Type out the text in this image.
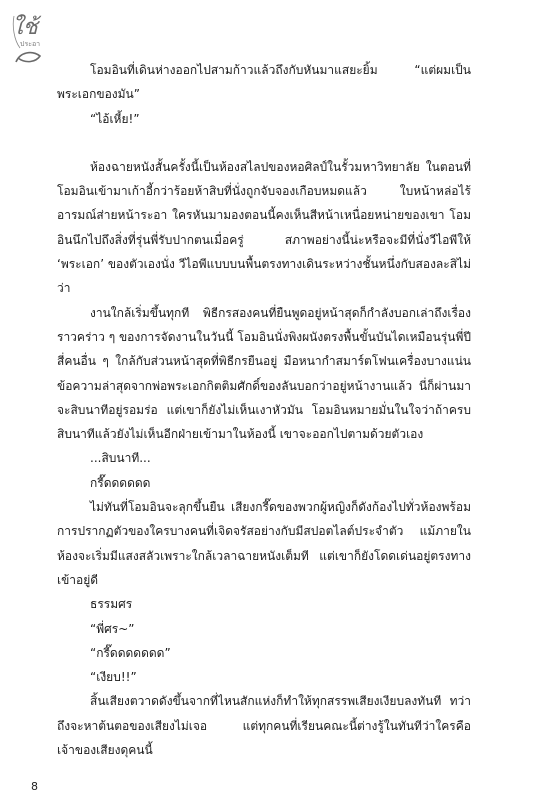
ใช้
ประอา

โอมอินที่เดินห่างออกไปสามก้าวแล้วถึงกับหันมาแสยะยิ้ม “แต่ผมเป็นพระเอกของมัน”

“ไอ้เหี้ย!”

ห้องฉายหนังสั้นครั้งนี้เป็นห้องสไลปของหอศิลป์ในรั้วมหาวิทยาลัย ในตอนที่โอมอินเข้ามาเก้าอี้กว่าร้อยห้าสิบที่นั่งถูกจับจองเกือบหมดแล้ว ใบหน้าหล่อไร้อารมณ์ส่ายหน้าระอา ใครหันมามองตอนนี้คงเห็นสีหน้าเหนื่อยหน่ายของเขา โอมอินนึกไปถึงสิ่งที่รุ่นพี่รับปากตนเมื่อครู่ สภาพอย่างนี้น่ะหรือจะมีที่นั่งวีไอพีให้ ‘พระเอก’ ของตัวเองนั่ง วีไอพีแบบบนพื้นตรงทางเดินระหว่างชั้นหนึ่งกับสองละสิไม่ว่า

งานใกล้เริ่มขึ้นทุกที พิธีกรสองคนที่ยืนพูดอยู่หน้าสุดก็กำลังบอกเล่าถึงเรื่องราวคร่าว ๆ ของการจัดงานในวันนี้ โอมอินนั่งพิงผนังตรงพื้นขั้นบันไดเหมือนรุ่นพี่ปีสี่คนอื่น ๆ ใกล้กับส่วนหน้าสุดที่พิธีกรยืนอยู่ มือหนากำสมาร์ตโฟนเครื่องบางแน่น ข้อความล่าสุดจากพ่อพระเอกกิตติมศักดิ์ของลันบอกว่าอยู่หน้างานแล้ว นี่ก็ผ่านมาจะสิบนาทีอยู่รอมร่อ แต่เขาก็ยังไม่เห็นเงาหัวมัน โอมอินหมายมั่นในใจว่าถ้าครบสิบนาทีแล้วยังไม่เห็นอีกฝ่ายเข้ามาในห้องนี้ เขาจะออกไปตามด้วยตัวเอง

...สิบนาที...

กรี๊ดดดดดด

ไม่ทันที่โอมอินจะลุกขึ้นยืน เสียงกรี๊ดของพวกผู้หญิงก็ดังก้องไปทั่วห้องพร้อมการปรากฏตัวของใครบางคนที่เจิดจรัสอย่างกับมีสปอตไลต์ประจำตัว แม้ภายในห้องจะเริ่มมีแสงสลัวเพราะใกล้เวลาฉายหนังเต็มที แต่เขาก็ยังโดดเด่นอยู่ตรงทางเข้าอยู่ดี

ธรรมศร

“พี่ศร~”

“กรี๊ดดดดดดด”

“เงียบ!!”

สิ้นเสียงตวาดดังขึ้นจากที่ไหนสักแห่งก็ทำให้ทุกสรรพเสียงเงียบลงทันที ทว่าถึงจะหาต้นตอของเสียงไม่เจอ แต่ทุกคนที่เรียนคณะนี้ต่างรู้ในทันทีว่าใครคือเจ้าของเสียงดุคนนี้

8
